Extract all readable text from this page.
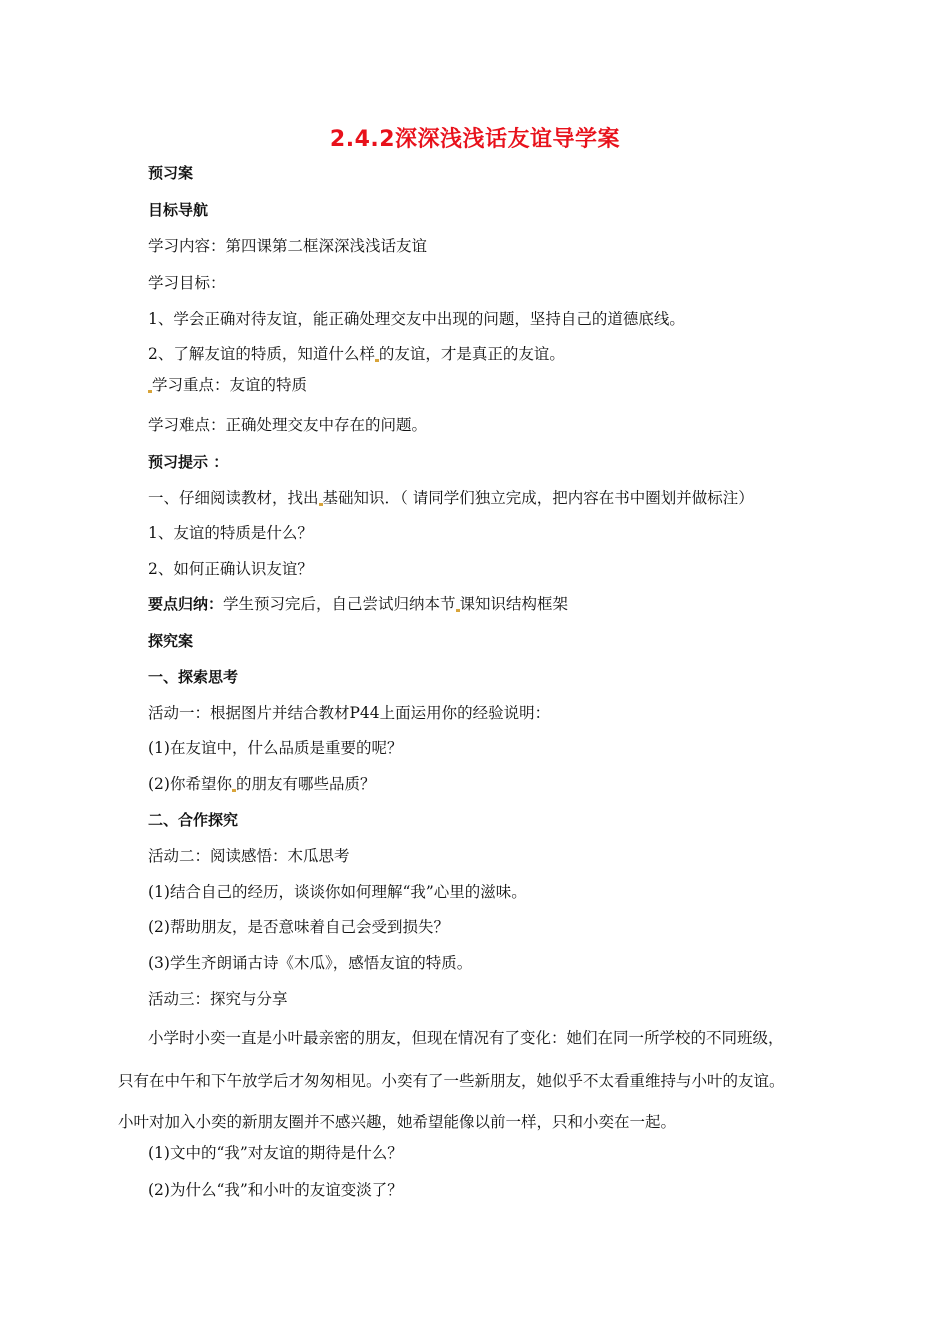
2.4.2深深浅浅话友谊导学案
预习案
目标导航
学习内容：第四课第二框深深浅浅话友谊
学习目标：
1、学会正确对待友谊，能正确处理交友中出现的问题，坚持自己的道德底线。
2、了解友谊的特质，知道什么样 的友谊，才是真正的友谊。
学习重点：友谊的特质
学习难点：正确处理交友中存在的问题。
预习提示 ：
一、仔细阅读教材，找出 基础知识．（ 请同学们独立完成，把内容在书中圈划并做标注）
1、友谊的特质是什么？
2、如何正确认识友谊？
要点归纳：学生预习完后，自己尝试归纳本节 课知识结构框架
探究案
一、探索思考
活动一：根据图片并结合教材P44上面运用你的经验说明：
(1)在友谊中，什么品质是重要的呢？
(2)你希望你 的朋友有哪些品质？
二、合作探究
活动二：阅读感悟：木瓜思考
(1)结合自己的经历，谈谈你如何理解“我”心里的滋味。
(2)帮助朋友，是否意味着自己会受到损失？
(3)学生齐朗诵古诗《木瓜》，感悟友谊的特质。
活动三：探究与分享
小学时小奕一直是小叶最亲密的朋友，但现在情况有了变化：她们在同一所学校的不同班级，
只有在中午和下午放学后才匆匆相见。小奕有了一些新朋友，她似乎不太看重维持与小叶的友谊。
小叶对加入小奕的新朋友圈并不感兴趣，她希望能像以前一样，只和小奕在一起。
(1)文中的“我”对友谊的期待是什么？
(2)为什么“我”和小叶的友谊变淡了？
